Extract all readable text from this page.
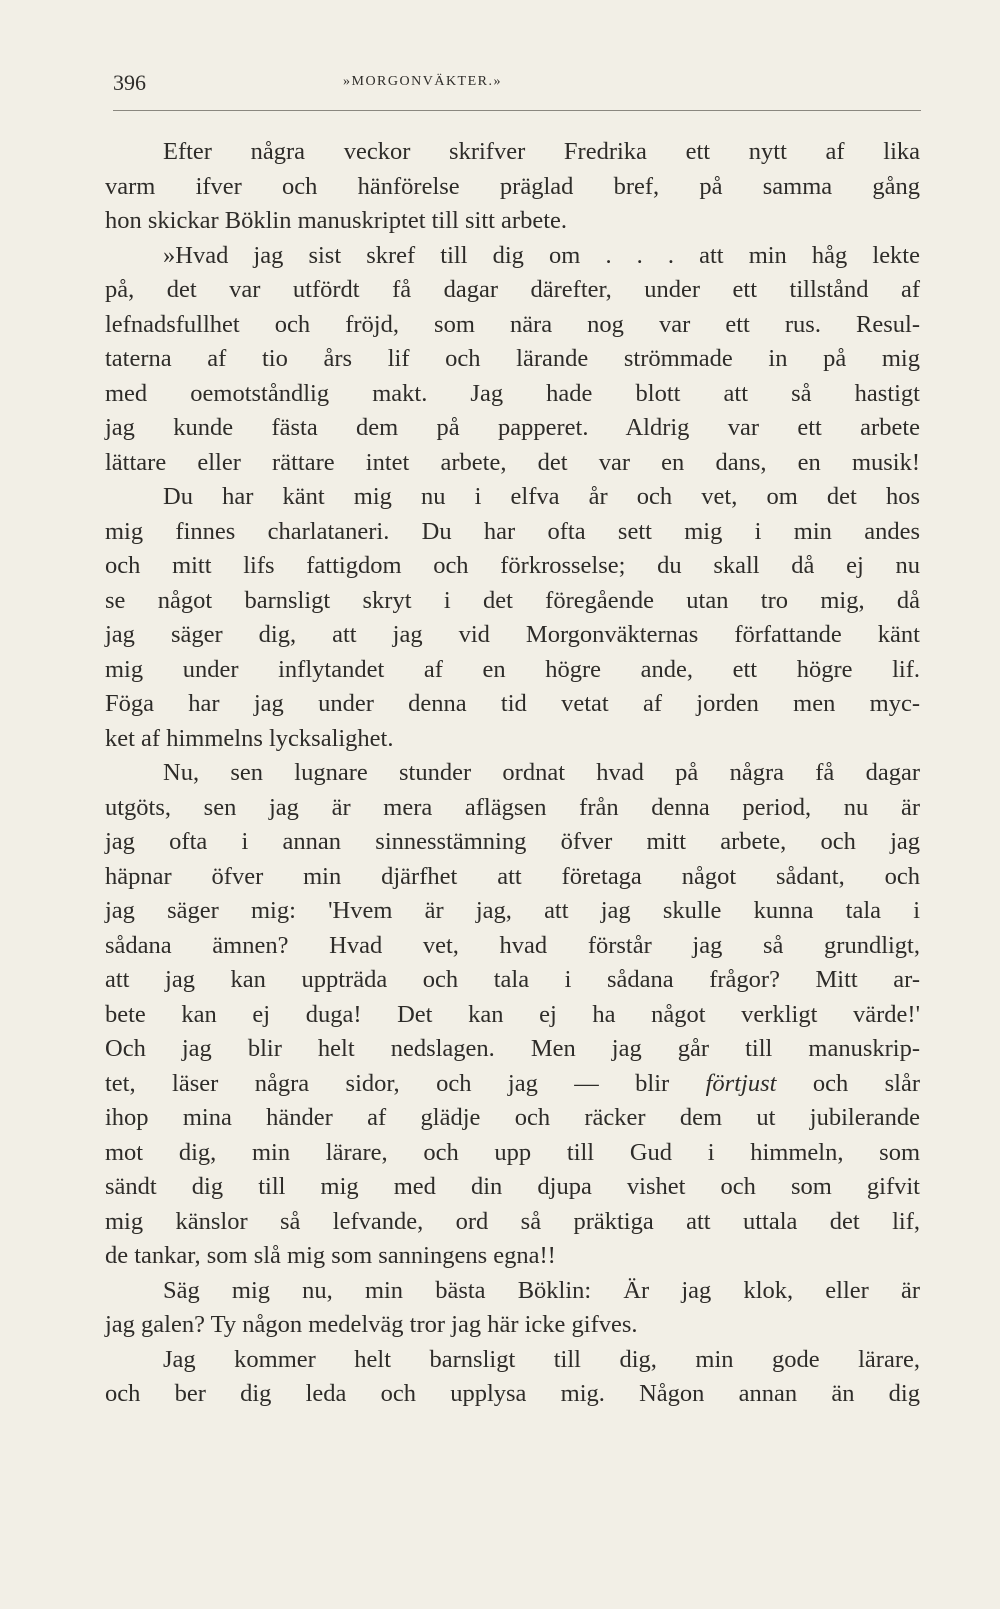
396	»MORGONVÄKTER.»
Efter några veckor skrifver Fredrika ett nytt af lika
varm ifver och hänförelse präglad bref, på samma gång
hon skickar Böklin manuskriptet till sitt arbete.
»Hvad jag sist skref till dig om . . . att min håg lekte
på, det var utfördt få dagar därefter, under ett tillstånd af
lefnadsfullhet och fröjd, som nära nog var ett rus. Resul-
taterna af tio års lif och lärande strömmade in på mig
med oemotståndlig makt. Jag hade blott att så hastigt
jag kunde fästa dem på papperet. Aldrig var ett arbete
lättare eller rättare intet arbete, det var en dans, en musik!
Du har känt mig nu i elfva år och vet, om det hos
mig finnes charlataneri. Du har ofta sett mig i min andes
och mitt lifs fattigdom och förkrosselse; du skall då ej nu
se något barnsligt skryt i det föregående utan tro mig, då
jag säger dig, att jag vid Morgonväkternas författande känt
mig under inflytandet af en högre ande, ett högre lif.
Föga har jag under denna tid vetat af jorden men myc-
ket af himmelns lycksalighet.
Nu, sen lugnare stunder ordnat hvad på några få dagar
utgöts, sen jag är mera aflägsen från denna period, nu är
jag ofta i annan sinnesstämning öfver mitt arbete, och jag
häpnar öfver min djärfhet att företaga något sådant, och
jag säger mig: 'Hvem är jag, att jag skulle kunna tala i
sådana ämnen? Hvad vet, hvad förstår jag så grundligt,
att jag kan uppträda och tala i sådana frågor? Mitt ar-
bete kan ej duga! Det kan ej ha något verkligt värde!'
Och jag blir helt nedslagen. Men jag går till manuskrip-
tet, läser några sidor, och jag — blir förtjust och slår
ihop mina händer af glädje och räcker dem ut jubilerande
mot dig, min lärare, och upp till Gud i himmeln, som
sändt dig till mig med din djupa vishet och som gifvit
mig känslor så lefvande, ord så präktiga att uttala det lif,
de tankar, som slå mig som sanningens egna!!
Säg mig nu, min bästa Böklin: Är jag klok, eller är
jag galen? Ty någon medelväg tror jag här icke gifves.
Jag kommer helt barnsligt till dig, min gode lärare,
och ber dig leda och upplysa mig. Någon annan än dig
